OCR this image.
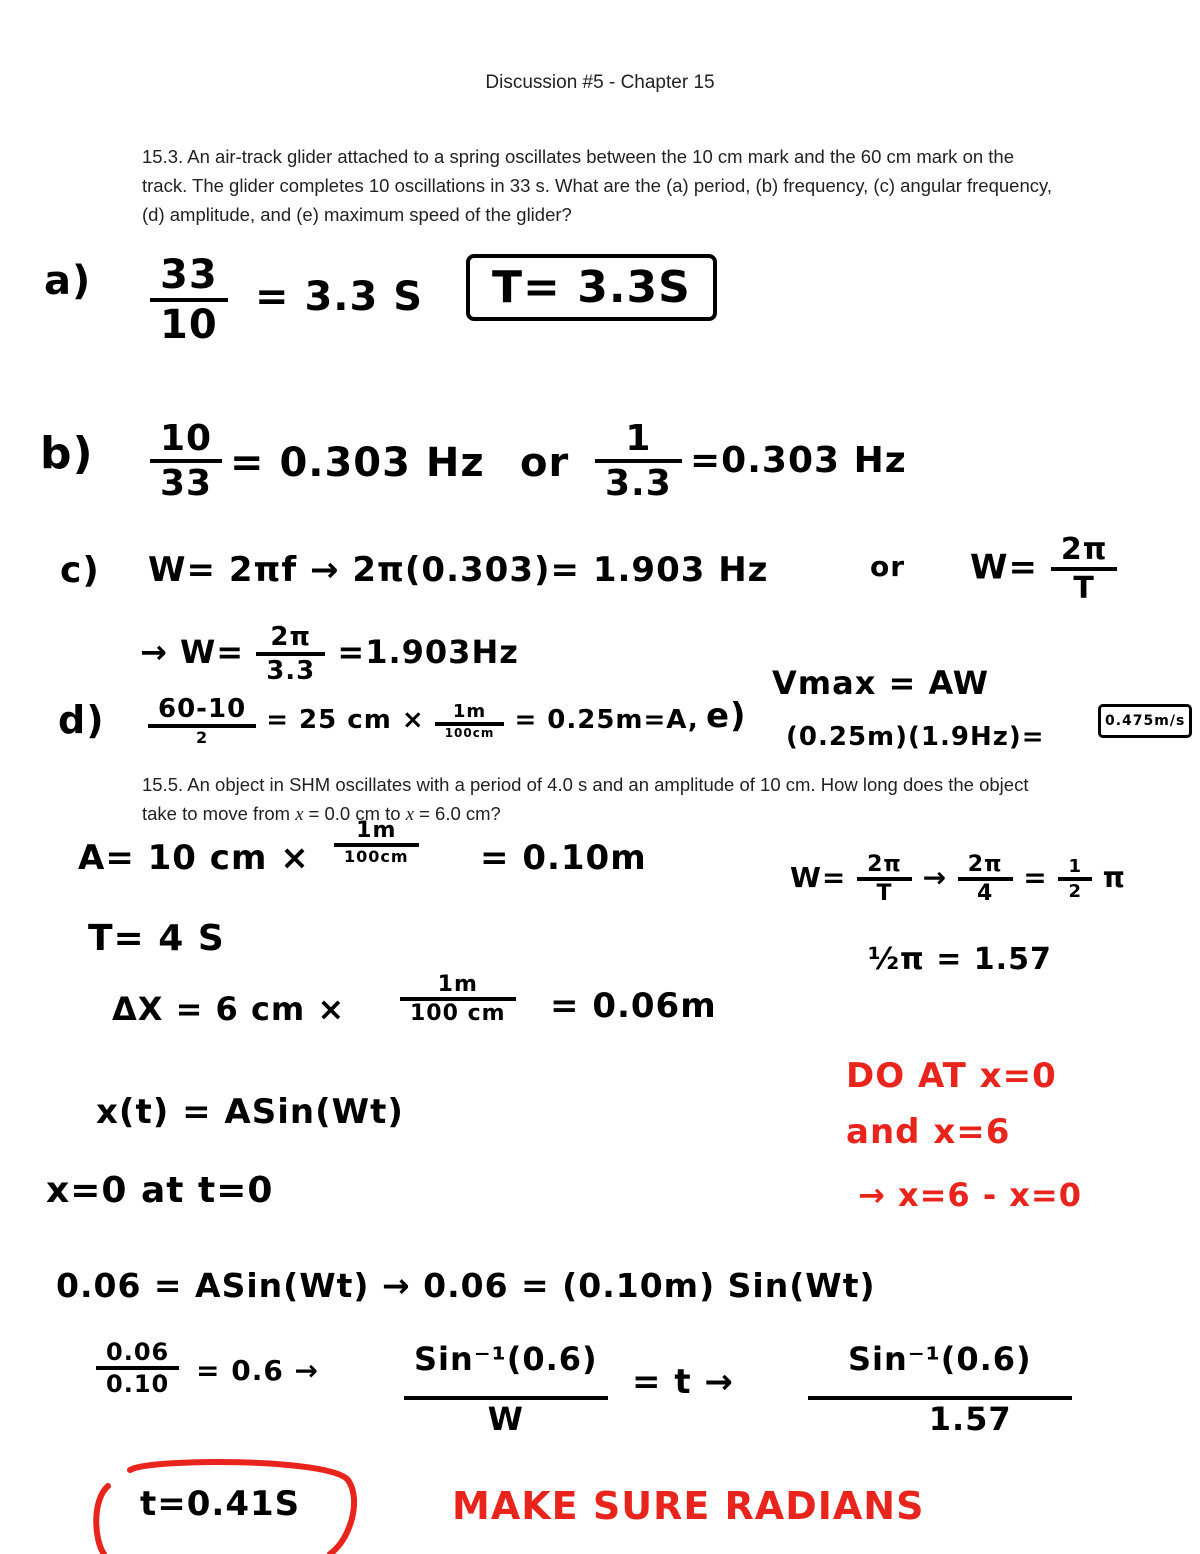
Discussion #5 - Chapter 15
15.3. An air-track glider attached to a spring oscillates between the 10 cm mark and the 60 cm mark on the track. The glider completes 10 oscillations in 33 s. What are the (a) period, (b) frequency, (c) angular frequency, (d) amplitude, and (e) maximum speed of the glider?
$a) \frac{33}{10} = 3.3$ S	T= 3.3S
$b) \frac{10}{33} = 0.303$ Hz or $\frac{1}{3.3} =0.303$ Hz
c) W= 2πf → 2π(0.303)= 1.903 Hz	or $W= \frac{2\pi}{T}$
→ $W= \frac{2\pi}{3.3} =1.903Hz$
Vmax = AW
$d) \frac{60-10}{2} = 25$ cm × $\frac{1m}{100cm} = 0.25m=A$, e)
(0.25m)(1.9Hz)=
0.475m/s
15.5. An object in SHM oscillates with a period of 4.0 s and an amplitude of 10 cm. How long does the object take to move from x = 0.0 cm to x = 6.0 cm?
A= 10 cm × $\frac{1m}{100cm} = 0.10m$	$W= \frac{2\pi}{T} \to \frac{2\pi}{4} = \frac{1}{2}$ π
½π = 1.57
T= 4 S
ΔX = 6 cm × $\frac{1m}{100 cm} = 0.06m$
DO AT x=0
and x=6
x(t) = ASin(Wt)
→ x=6 - x=0
x=0 at t=0
0.06 = ASin(Wt) → 0.06 = (0.10m) Sin(Wt)
$\frac{0.06}{0.10} = 0.6$ →	$\frac{\text{Sin⁻¹(0.6)}}{W} = t \to \frac{\text{Sin⁻¹(0.6)}}{1.57}$
t=0.41S	MAKE SURE RADIANS
